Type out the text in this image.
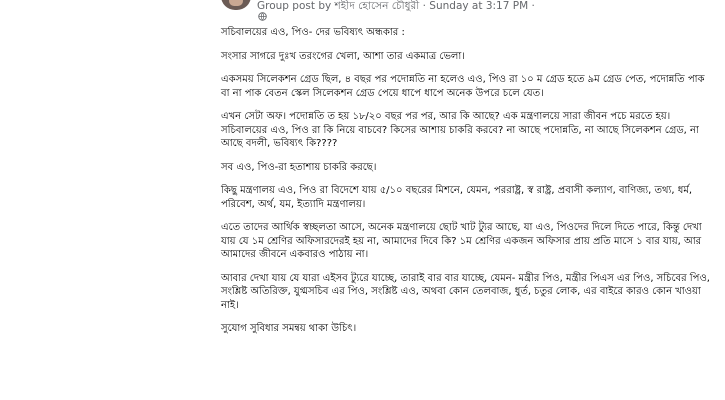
Group post by শহীদ হোসেন চৌধুরী · Sunday at 3:17 PM ·

সচিবালয়ের এও, পিও- দের ভবিষ্যৎ অন্ধকার :

সংসার সাগরে দুঃখ তরংগের খেলা, আশা তার একমাত্র ভেলা।

একসময় সিলেকশন গ্রেড ছিল, ৪ বছর পর পদোন্নতি না হলেও এও, পিও রা ১০ ম গ্রেড হতে ৯ম গ্রেড পেত, পদোন্নতি পাক বা না পাক বেতন স্কেল সিলেকশন গ্রেড পেয়ে ধাপে ধাপে অনেক উপরে চলে যেত।

এখন সেটা অফ। পদোন্নতি ত হয় ১৮/২০ বছর পর পর, আর কি আছে? এক মন্ত্রণালয়ে সারা জীবন পচে মরতে হয়। সচিবালয়ের এও, পিও রা কি নিয়ে বাচবে? কিসের আশায় চাকরি করবে? না আছে পদোন্নতি, না আছে সিলেকশন গ্রেড, না আছে বদলী, ভবিষ্যৎ কি????

সব এও, পিও-রা হতাশায় চাকরি করছে।

কিছু মন্ত্রণালয় এও, পিও রা বিদেশে যায় ৫/১০ বছরের মিশনে, যেমন, পররাষ্ট্র, স্ব রাষ্ট্র, প্রবাসী কল্যাণ, বাণিজ্য, তথ্য, ধর্ম, পরিবেশ, অর্থ, যম, ইত্যাদি মন্ত্রণালয়।

এতে তাদের আর্থিক স্বচ্ছলতা আসে, অনেক মন্ত্রণালয়ে ছোট খাট ট্যুর আছে, যা এও, পিওদের দিলে দিতে পারে, কিন্তু দেখা যায় যে ১ম শ্রেণির অফিসারদেরই হয় না, আমাদের দিবে কি? ১ম শ্রেণির একজন অফিসার প্রায় প্রতি মাসে ১ বার যায়, আর আমাদের জীবনে একবারও পাঠায় না।

আবার দেখা যায় যে যারা এইসব ট্যুরে যাচ্ছে, তারাই বার বার যাচ্ছে, যেমন- মন্ত্রীর পিও, মন্ত্রীর পিএস এর পিও, সচিবের পিও, সংশ্লিষ্ট অতিরিক্ত, যুগ্মসচিব এর পিও, সংশ্লিষ্ট এও, অথবা কোন তেলবাজ, ধুর্ত, চতুর লোক, এর বাইরে কারও কোন খাওয়া নাই।

সুযোগ সুবিধার সমন্বয় থাকা উচিৎ।
